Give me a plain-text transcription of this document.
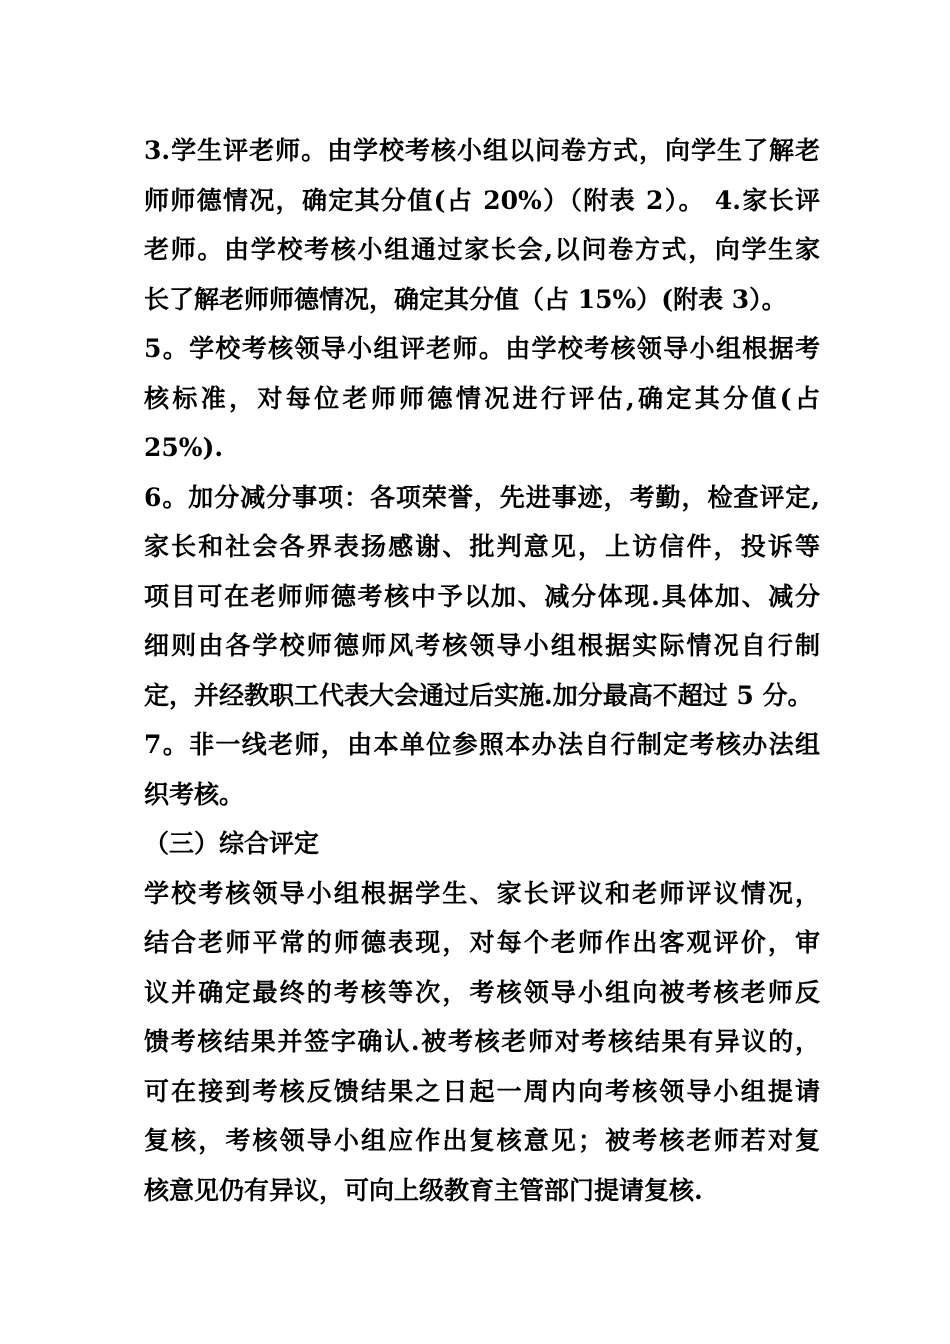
3.学生评老师。由学校考核小组以问卷方式，向学生了解老
师师德情况，确定其分值(占 20%）（附表 2）。 4.家长评
老师。由学校考核小组通过家长会,以问卷方式，向学生家
长了解老师师德情况，确定其分值（占 15%）(附表 3）。
5。学校考核领导小组评老师。由学校考核领导小组根据考
核标准，对每位老师师德情况进行评估,确定其分值(占
25%).
6。加分减分事项：各项荣誉，先进事迹，考勤，检查评定,
家长和社会各界表扬感谢、批判意见，上访信件，投诉等
项目可在老师师德考核中予以加、减分体现.具体加、减分
细则由各学校师德师风考核领导小组根据实际情况自行制
定，并经教职工代表大会通过后实施.加分最高不超过 5 分。
7。非一线老师，由本单位参照本办法自行制定考核办法组
织考核。
（三）综合评定
学校考核领导小组根据学生、家长评议和老师评议情况，
结合老师平常的师德表现，对每个老师作出客观评价，审
议并确定最终的考核等次，考核领导小组向被考核老师反
馈考核结果并签字确认.被考核老师对考核结果有异议的，
可在接到考核反馈结果之日起一周内向考核领导小组提请
复核，考核领导小组应作出复核意见；被考核老师若对复
核意见仍有异议，可向上级教育主管部门提请复核.
